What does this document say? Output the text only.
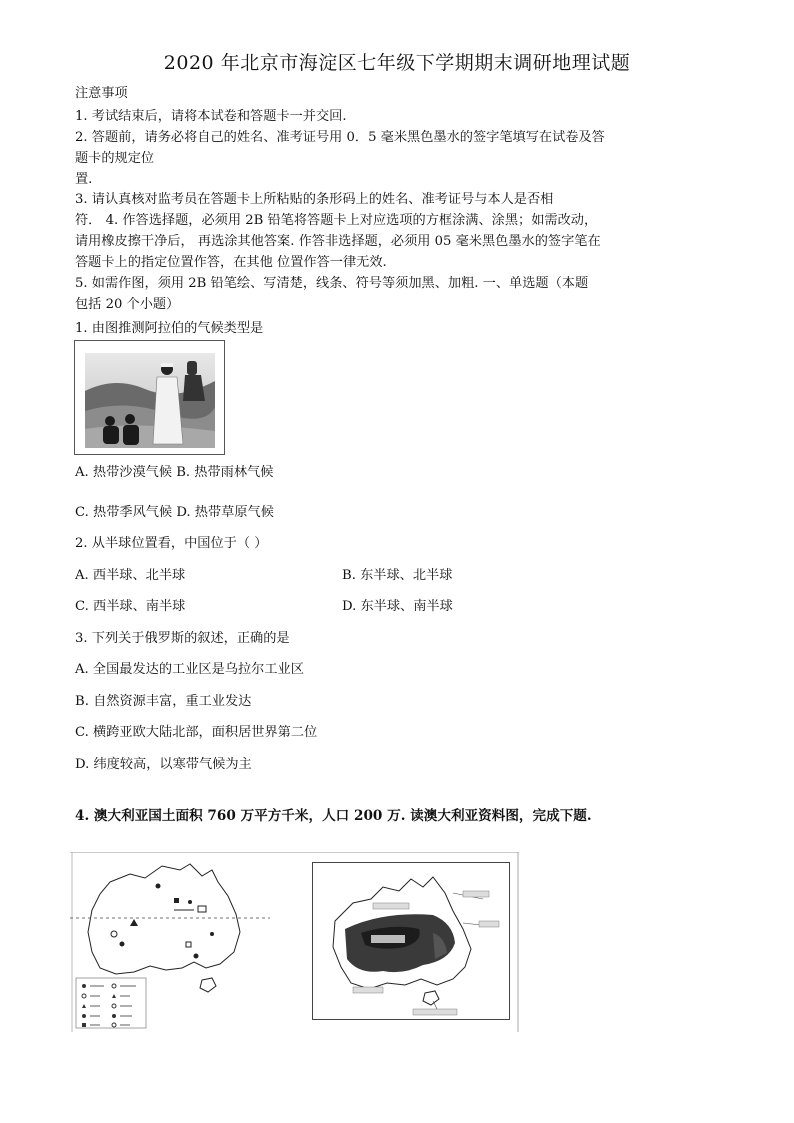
2020 年北京市海淀区七年级下学期期末调研地理试题
注意事项
1. 考试结束后，请将本试卷和答题卡一并交回.
2. 答题前，请务必将自己的姓名、准考证号用 0．5 毫米黑色墨水的签字笔填写在试卷及答
题卡的规定位
置.
3. 请认真核对监考员在答题卡上所粘贴的条形码上的姓名、准考证号与本人是否相
符． 4. 作答选择题，必须用 2B 铅笔将答题卡上对应选项的方框涂满、涂黑；如需改动，
请用橡皮擦干净后， 再选涂其他答案. 作答非选择题，必须用 05 毫米黑色墨水的签字笔在
答题卡上的指定位置作答，在其他 位置作答一律无效.
5. 如需作图，须用 2B 铅笔绘、写清楚，线条、符号等须加黑、加粗. 一、单选题（本题
包括 20 个小题）
1. 由图推测阿拉伯的气候类型是
A. 热带沙漠气候 B. 热带雨林气候
C. 热带季风气候 D. 热带草原气候
2. 从半球位置看，中国位于（ ）
A. 西半球、北半球	B. 东半球、北半球
C. 西半球、南半球	D. 东半球、南半球
3. 下列关于俄罗斯的叙述，正确的是
A. 全国最发达的工业区是乌拉尔工业区
B. 自然资源丰富，重工业发达
C. 横跨亚欧大陆北部，面积居世界第二位
D. 纬度较高，以寒带气候为主
4. 澳大利亚国土面积 760 万平方千米，人口 200 万. 读澳大利亚资料图，完成下题.
